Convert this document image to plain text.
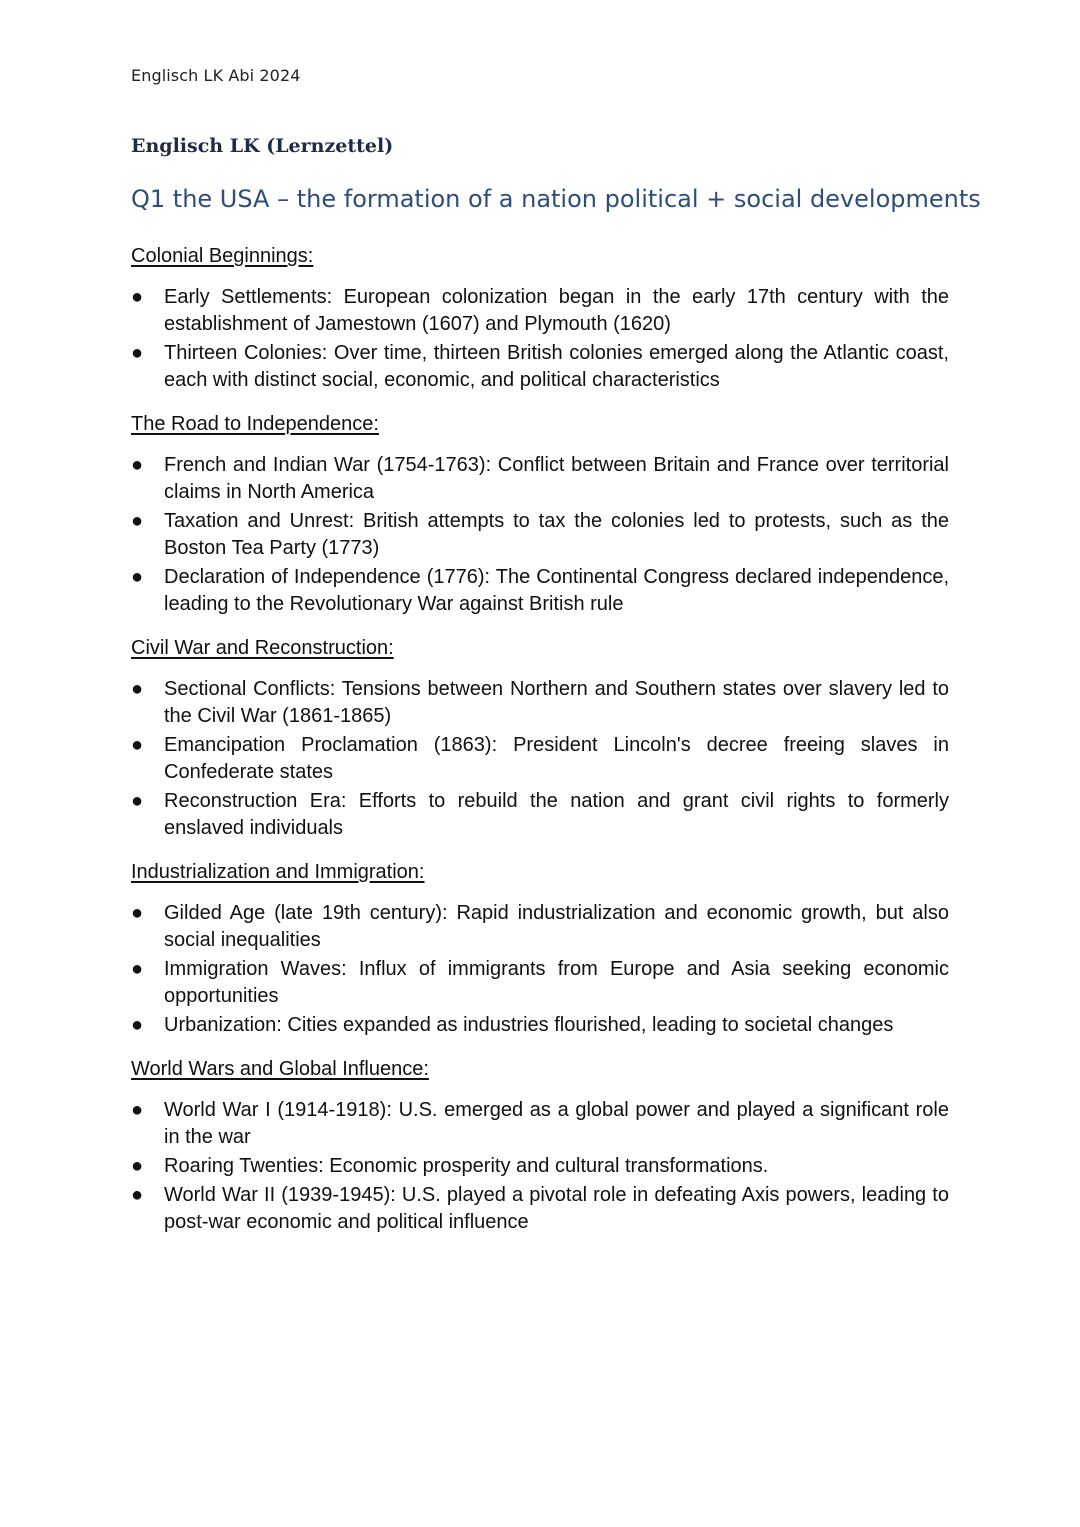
Englisch LK Abi 2024
Englisch LK (Lernzettel)
Q1 the USA – the formation of a nation political + social developments
Colonial Beginnings:
● Early Settlements: European colonization began in the early 17th century with the establishment of Jamestown (1607) and Plymouth (1620)
● Thirteen Colonies: Over time, thirteen British colonies emerged along the Atlantic coast, each with distinct social, economic, and political characteristics
The Road to Independence:
● French and Indian War (1754-1763): Conflict between Britain and France over territorial claims in North America
● Taxation and Unrest: British attempts to tax the colonies led to protests, such as the Boston Tea Party (1773)
● Declaration of Independence (1776): The Continental Congress declared independence, leading to the Revolutionary War against British rule
Civil War and Reconstruction:
● Sectional Conflicts: Tensions between Northern and Southern states over slavery led to the Civil War (1861-1865)
● Emancipation Proclamation (1863): President Lincoln's decree freeing slaves in Confederate states
● Reconstruction Era: Efforts to rebuild the nation and grant civil rights to formerly enslaved individuals
Industrialization and Immigration:
● Gilded Age (late 19th century): Rapid industrialization and economic growth, but also social inequalities
● Immigration Waves: Influx of immigrants from Europe and Asia seeking economic opportunities
● Urbanization: Cities expanded as industries flourished, leading to societal changes
World Wars and Global Influence:
● World War I (1914-1918): U.S. emerged as a global power and played a significant role in the war
● Roaring Twenties: Economic prosperity and cultural transformations.
● World War II (1939-1945): U.S. played a pivotal role in defeating Axis powers, leading to post-war economic and political influence
